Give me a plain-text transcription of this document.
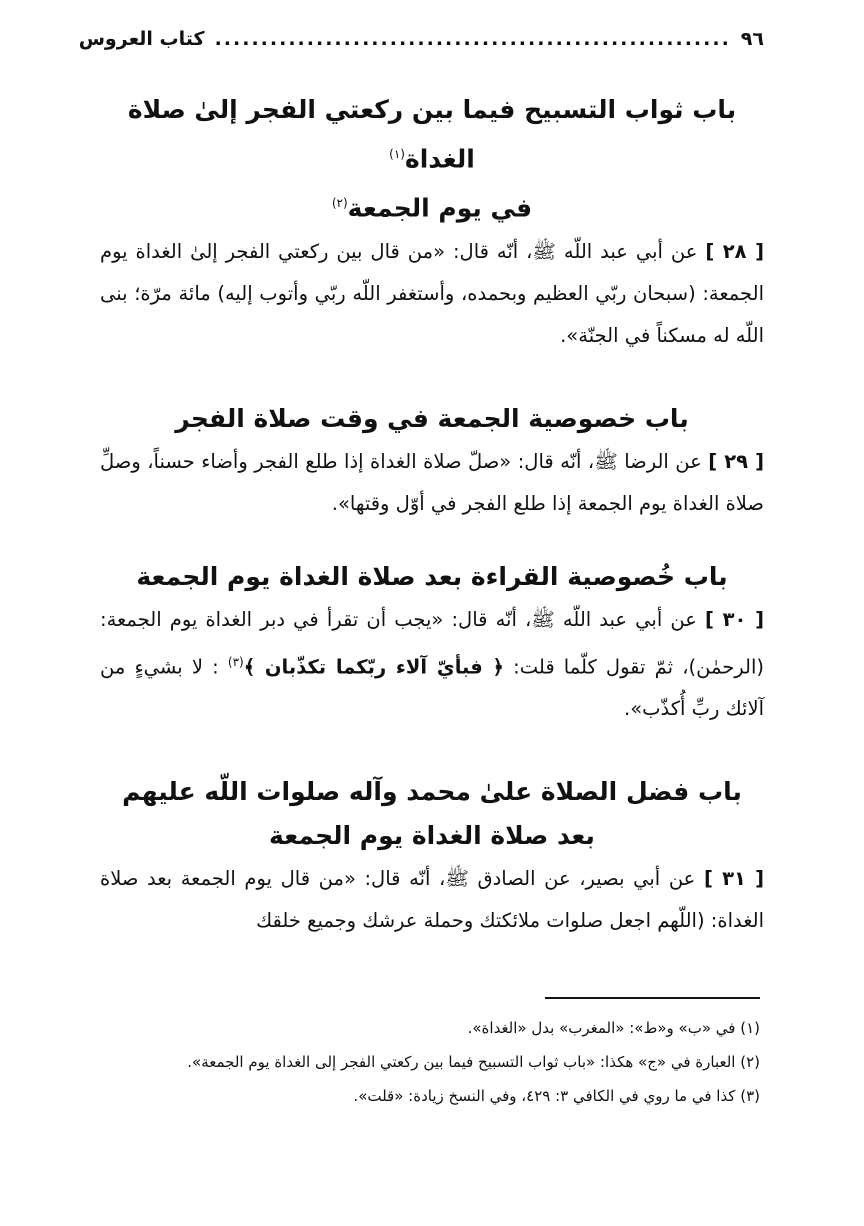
٩٦
........................................................
كتاب العروس
باب ثواب التسبيح فيما بين ركعتي الفجر إلىٰ صلاة الغداة$^{(١)}$
في يوم الجمعة$^{(٢)}$

[ ٢٨ ] عن أبي عبد اللّه ﷺ، أنّه قال: «من قال بين ركعتي الفجر إلىٰ الغداة يوم الجمعة: (سبحان ربّي العظيم وبحمده، وأستغفر اللّه ربّي وأتوب إليه) مائة مرّة؛ بنى اللّه له مسكناً في الجنّة».

باب خصوصية الجمعة في وقت صلاة الفجر

[ ٢٩ ] عن الرضا ﷺ، أنّه قال: «صلّ صلاة الغداة إذا طلع الفجر وأضاء حسناً، وصلِّ صلاة الغداة يوم الجمعة إذا طلع الفجر في أوّل وقتها».

باب خُصوصية القراءة بعد صلاة الغداة يوم الجمعة

[ ٣٠ ] عن أبي عبد اللّه ﷺ، أنّه قال: «يجب أن تقرأ في دبر الغداة يوم الجمعة: (الرحمٰن)، ثمّ تقول كلّما قلت: ﴿ فبأيّ آلاء ربّكما تكذّبان ﴾$^{(٣)}$ : لا بشيءٍ من آلائك ربِّ أُكذّب».

باب فضل الصلاة علىٰ محمد وآله صلوات اللّه عليهم
بعد صلاة الغداة يوم الجمعة

[ ٣١ ] عن أبي بصير، عن الصادق ﷺ، أنّه قال: «من قال يوم الجمعة بعد صلاة الغداة: (اللّهم اجعل صلوات ملائكتك وحملة عرشك وجميع خلقك

(١) في «ب» و«ط»: «المغرب» بدل «الغداة».

(٢) العبارة في «ج» هكذا: «باب ثواب التسبيح فيما بين ركعتي الفجر إلى الغداة يوم الجمعة».

(٣) كذا في ما روي في الكافي ٣: ٤٢٩، وفي النسخ زيادة: «قلت».
